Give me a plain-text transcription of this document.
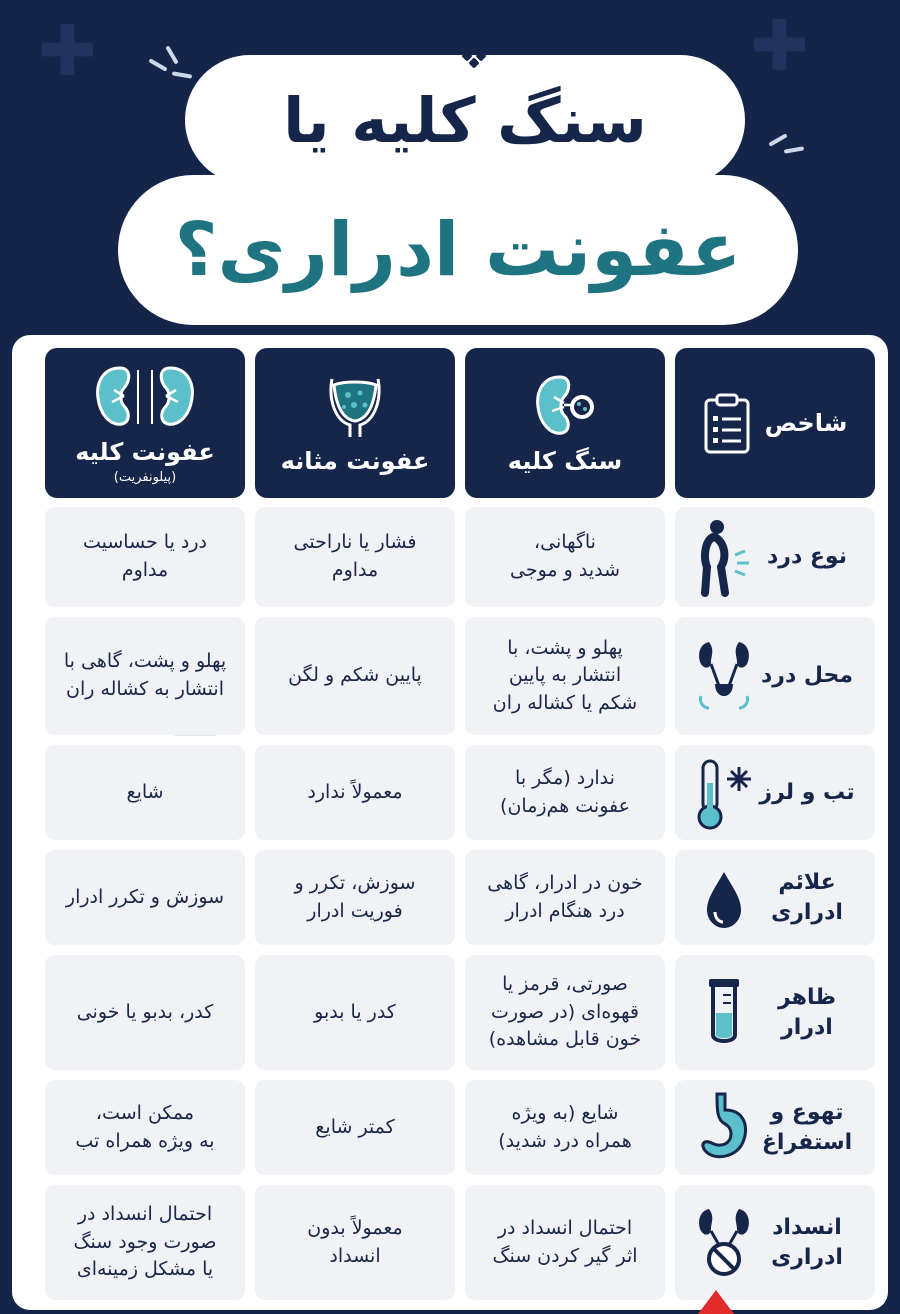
✚	✚
عفونت ادراری؟
سنگ کلیه یا
شاخص
سنگ کلیه
عفونت مثانه
عفونت کلیه
(پیلونفریت)
نوع درد
ناگهانی،
شدید و موجی
فشار یا ناراحتی
مداوم
درد یا حساسیت
مداوم
محل درد
پهلو و پشت، با
انتشار به پایین
شکم یا کشاله ران
پایین شکم و لگن
پهلو و پشت، گاهی با
انتشار به کشاله ران
تب و لرز
ندارد (مگر با
عفونت هم‌زمان)
معمولاً ندارد
شایع
علائم
ادراری
خون در ادرار، گاهی
درد هنگام ادرار
سوزش، تکرر و
فوریت ادرار
سوزش و تکرر ادرار
ظاهر
ادرار
صورتی، قرمز یا
قهوه‌ای (در صورت
خون قابل مشاهده)
کدر یا بدبو
کدر، بدبو یا خونی
تهوع و
استفراغ
شایع (به ویژه
همراه درد شدید)
کمتر شایع
ممکن است،
به ویژه همراه تب
انسداد
ادراری
احتمال انسداد در
اثر گیر کردن سنگ
معمولاً بدون
انسداد
احتمال انسداد در
صورت وجود سنگ
یا مشکل زمینه‌ای
